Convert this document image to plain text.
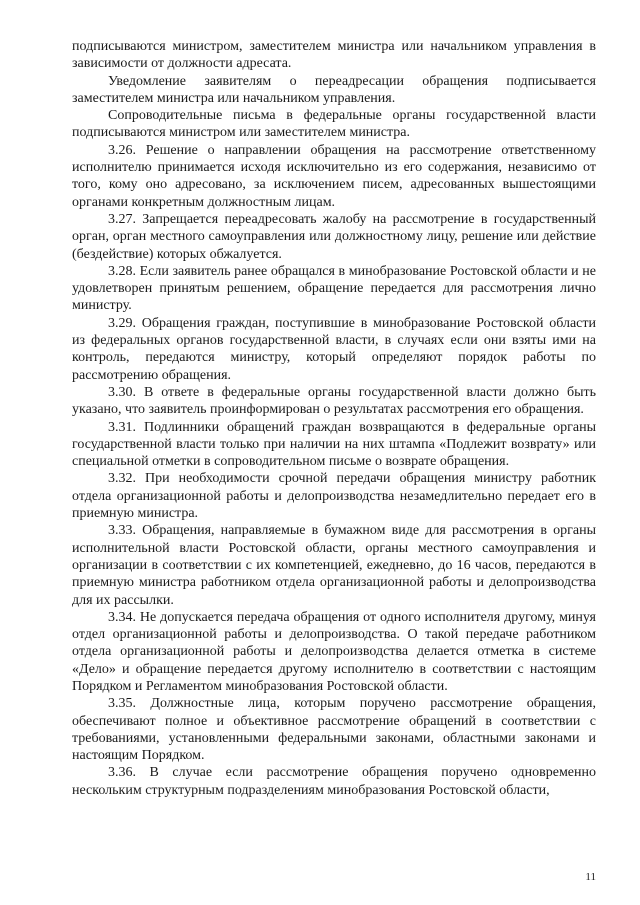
подписываются министром, заместителем министра или начальником управления в зависимости от должности адресата.

Уведомление заявителям о переадресации обращения подписывается заместителем министра или начальником управления.

Сопроводительные письма в федеральные органы государственной власти подписываются министром или заместителем министра.

3.26. Решение о направлении обращения на рассмотрение ответственному исполнителю принимается исходя исключительно из его содержания, независимо от того, кому оно адресовано, за исключением писем, адресованных вышестоящими органами конкретным должностным лицам.

3.27. Запрещается переадресовать жалобу на рассмотрение в государственный орган, орган местного самоуправления или должностному лицу, решение или действие (бездействие) которых обжалуется.

3.28. Если заявитель ранее обращался в минобразование Ростовской области и не удовлетворен принятым решением, обращение передается для рассмотрения лично министру.

3.29. Обращения граждан, поступившие в минобразование Ростовской области из федеральных органов государственной власти, в случаях если они взяты ими на контроль, передаются министру, который определяют порядок работы по рассмотрению обращения.

3.30. В ответе в федеральные органы государственной власти должно быть указано, что заявитель проинформирован о результатах рассмотрения его обращения.

3.31. Подлинники обращений граждан возвращаются в федеральные органы государственной власти только при наличии на них штампа «Подлежит возврату» или специальной отметки в сопроводительном письме о возврате обращения.

3.32. При необходимости срочной передачи обращения министру работник отдела организационной работы и делопроизводства незамедлительно передает его в приемную министра.

3.33. Обращения, направляемые в бумажном виде для рассмотрения в органы исполнительной власти Ростовской области, органы местного самоуправления и организации в соответствии с их компетенцией, ежедневно, до 16 часов, передаются в приемную министра работником отдела организационной работы и делопроизводства для их рассылки.

3.34. Не допускается передача обращения от одного исполнителя другому, минуя отдел организационной работы и делопроизводства. О такой передаче работником отдела организационной работы и делопроизводства делается отметка в системе «Дело» и обращение передается другому исполнителю в соответствии с настоящим Порядком и Регламентом минобразования Ростовской области.

3.35. Должностные лица, которым поручено рассмотрение обращения, обеспечивают полное и объективное рассмотрение обращений в соответствии с требованиями, установленными федеральными законами, областными законами и настоящим Порядком.

3.36. В случае если рассмотрение обращения поручено одновременно нескольким структурным подразделениям минобразования Ростовской области,

11
